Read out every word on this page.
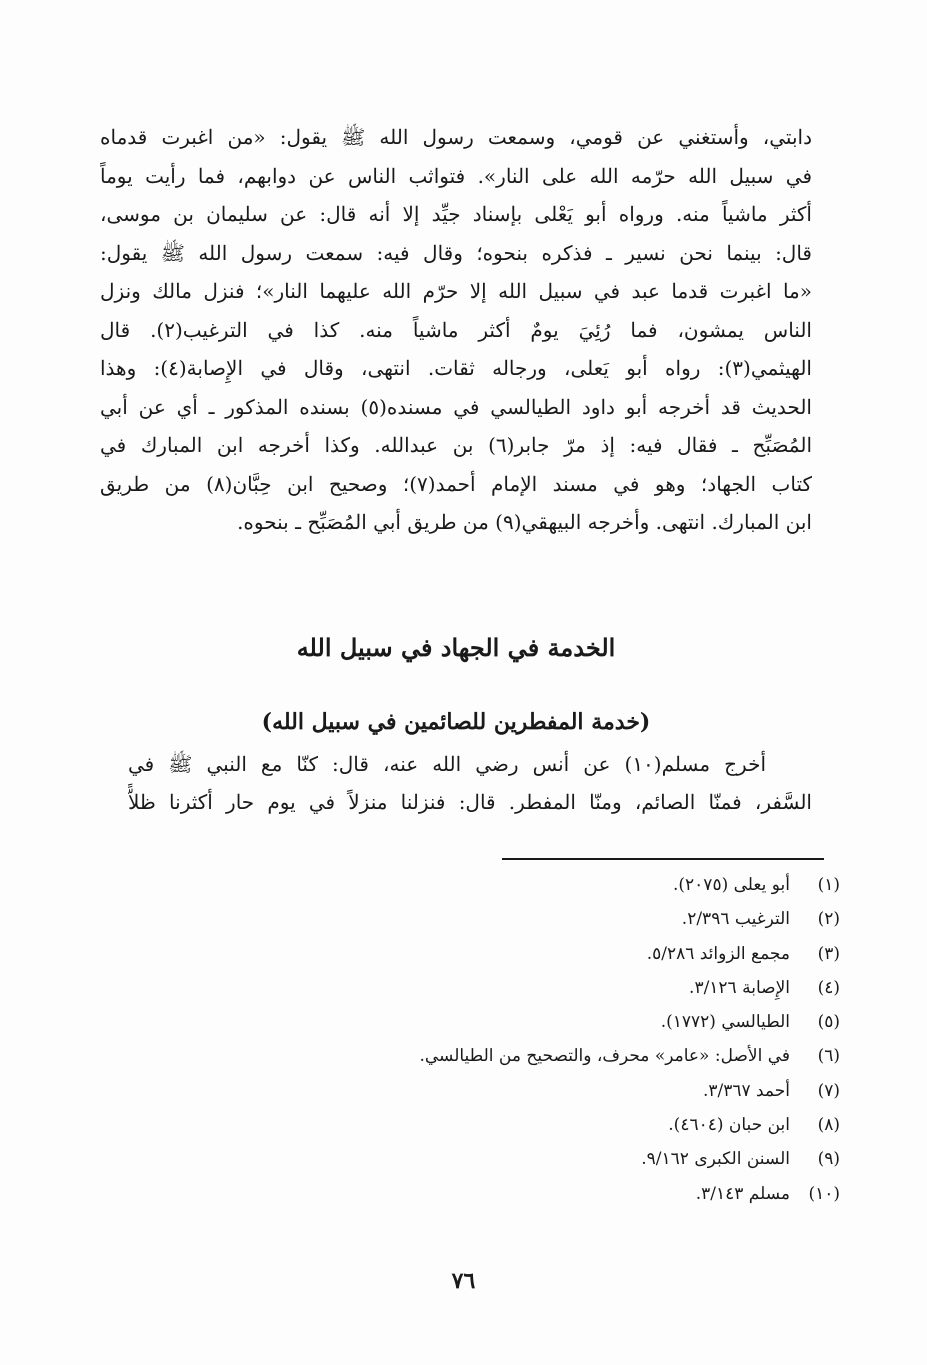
دابتي، وأستغني عن قومي، وسمعت رسول الله ﷺ يقول: «من اغبرت قدماه
في سبيل الله حرّمه الله على النار». فتواثب الناس عن دوابهم، فما رأيت يوماً
أكثر ماشياً منه. ورواه أبو يَعْلى بإسناد جيِّد إلا أنه قال: عن سليمان بن موسى،
قال: بينما نحن نسير ـ فذكره بنحوه؛ وقال فيه: سمعت رسول الله ﷺ يقول:
«ما اغبرت قدما عبد في سبيل الله إلا حرّم الله عليهما النار»؛ فنزل مالك ونزل
الناس يمشون، فما رُئِيَ يومٌ أكثر ماشياً منه. كذا في الترغيب(٢). قال
الهيثمي(٣): رواه أبو يَعلى، ورجاله ثقات. انتهى، وقال في الإِصابة(٤): وهذا
الحديث قد أخرجه أبو داود الطيالسي في مسنده(٥) بسنده المذكور ـ أي عن أبي
المُصَبِّح ـ فقال فيه: إذ مرّ جابر(٦) بن عبدالله. وكذا أخرجه ابن المبارك في
كتاب الجهاد؛ وهو في مسند الإمام أحمد(٧)؛ وصحيح ابن حِبَّان(٨) من طريق
ابن المبارك. انتهى. وأخرجه البيهقي(٩) من طريق أبي المُصَبِّح ـ بنحوه.
الخدمة في الجهاد في سبيل الله
(خدمة المفطرين للصائمين في سبيل الله)
أخرج مسلم(١٠) عن أنس رضي الله عنه، قال: كنّا مع النبي ﷺ في
السَّفر، فمنّا الصائم، ومنّا المفطر. قال: فنزلنا منزلاً في يوم حار أكثرنا ظلاًّ
(١)
أبو يعلى (٢٠٧٥).
(٢)
الترغيب ٢/٣٩٦.
(٣)
مجمع الزوائد ٥/٢٨٦.
(٤)
الإِصابة ٣/١٢٦.
(٥)
الطيالسي (١٧٧٢).
(٦)
في الأصل: «عامر» محرف، والتصحيح من الطيالسي.
(٧)
أحمد ٣/٣٦٧.
(٨)
ابن حبان (٤٦٠٤).
(٩)
السنن الكبرى ٩/١٦٢.
(١٠)
مسلم ٣/١٤٣.
٧٦
